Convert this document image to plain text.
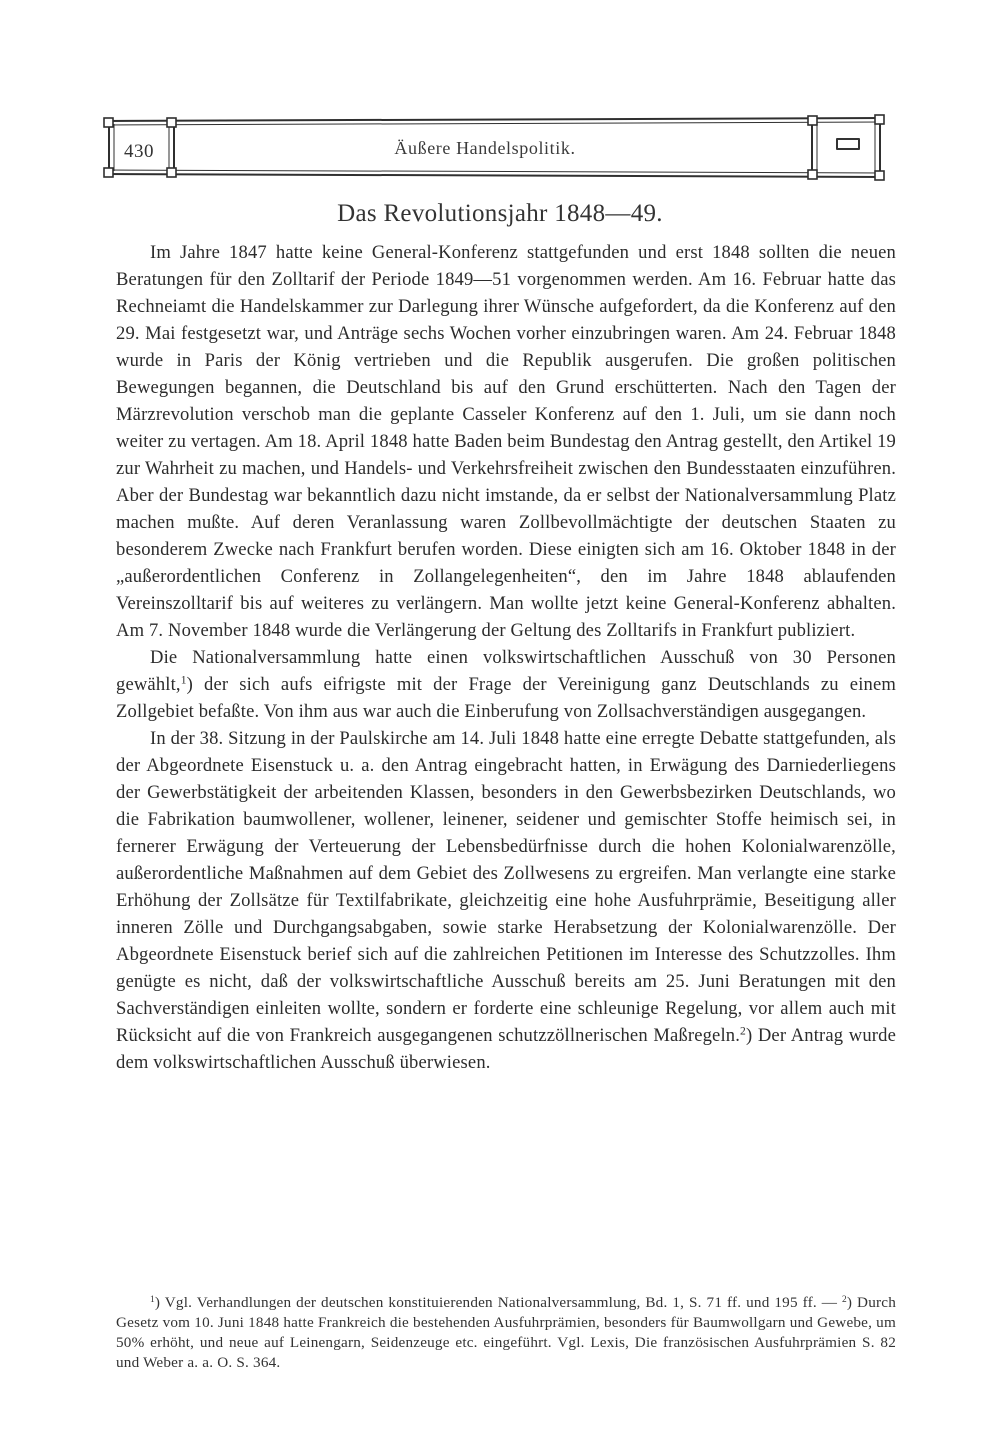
430	Äußere Handelspolitik.
Das Revolutionsjahr 1848—49.

Im Jahre 1847 hatte keine General-Konferenz stattgefunden und erst 1848 sollten die neuen Beratungen für den Zolltarif der Periode 1849—51 vorgenommen werden. Am 16. Februar hatte das Rechneiamt die Handelskammer zur Darlegung ihrer Wünsche aufgefordert, da die Konferenz auf den 29. Mai festgesetzt war, und Anträge sechs Wochen vorher einzubringen waren. Am 24. Februar 1848 wurde in Paris der König vertrieben und die Republik ausgerufen. Die großen politischen Bewegungen begannen, die Deutschland bis auf den Grund erschütterten. Nach den Tagen der Märzrevolution verschob man die geplante Casseler Konferenz auf den 1. Juli, um sie dann noch weiter zu vertagen. Am 18. April 1848 hatte Baden beim Bundestag den Antrag gestellt, den Artikel 19 zur Wahrheit zu machen, und Handels- und Verkehrsfreiheit zwischen den Bundesstaaten einzuführen. Aber der Bundestag war bekanntlich dazu nicht imstande, da er selbst der Nationalversammlung Platz machen mußte. Auf deren Veranlassung waren Zollbevollmächtigte der deutschen Staaten zu besonderem Zwecke nach Frankfurt berufen worden. Diese einigten sich am 16. Oktober 1848 in der „außerordentlichen Conferenz in Zollangelegenheiten“, den im Jahre 1848 ablaufenden Vereinszolltarif bis auf weiteres zu verlängern. Man wollte jetzt keine General-Konferenz abhalten. Am 7. November 1848 wurde die Verlängerung der Geltung des Zolltarifs in Frankfurt publiziert.

Die Nationalversammlung hatte einen volkswirtschaftlichen Ausschuß von 30 Personen gewählt,$^1$) der sich aufs eifrigste mit der Frage der Vereinigung ganz Deutschlands zu einem Zollgebiet befaßte. Von ihm aus war auch die Einberufung von Zollsachverständigen ausgegangen.

In der 38. Sitzung in der Paulskirche am 14. Juli 1848 hatte eine erregte Debatte stattgefunden, als der Abgeordnete Eisenstuck u. a. den Antrag eingebracht hatten, in Erwägung des Darniederliegens der Gewerbstätigkeit der arbeitenden Klassen, besonders in den Gewerbsbezirken Deutschlands, wo die Fabrikation baumwollener, wollener, leinener, seidener und gemischter Stoffe heimisch sei, in fernerer Erwägung der Verteuerung der Lebensbedürfnisse durch die hohen Kolonialwarenzölle, außerordentliche Maßnahmen auf dem Gebiet des Zollwesens zu ergreifen. Man verlangte eine starke Erhöhung der Zollsätze für Textilfabrikate, gleichzeitig eine hohe Ausfuhrprämie, Beseitigung aller inneren Zölle und Durchgangsabgaben, sowie starke Herabsetzung der Kolonialwarenzölle. Der Abgeordnete Eisenstuck berief sich auf die zahlreichen Petitionen im Interesse des Schutzzolles. Ihm genügte es nicht, daß der volkswirtschaftliche Ausschuß bereits am 25. Juni Beratungen mit den Sachverständigen einleiten wollte, sondern er forderte eine schleunige Regelung, vor allem auch mit Rücksicht auf die von Frankreich ausgegangenen schutzzöllnerischen Maßregeln.$^2$) Der Antrag wurde dem volkswirtschaftlichen Ausschuß überwiesen.

$^1$) Vgl. Verhandlungen der deutschen konstituierenden Nationalversammlung, Bd. 1, S. 71 ff. und 195 ff. — $^2$) Durch Gesetz vom 10. Juni 1848 hatte Frankreich die bestehenden Ausfuhrprämien, besonders für Baumwollgarn und Gewebe, um 50% erhöht, und neue auf Leinengarn, Seidenzeuge etc. eingeführt. Vgl. Lexis, Die französischen Ausfuhrprämien S. 82 und Weber a. a. O. S. 364.
